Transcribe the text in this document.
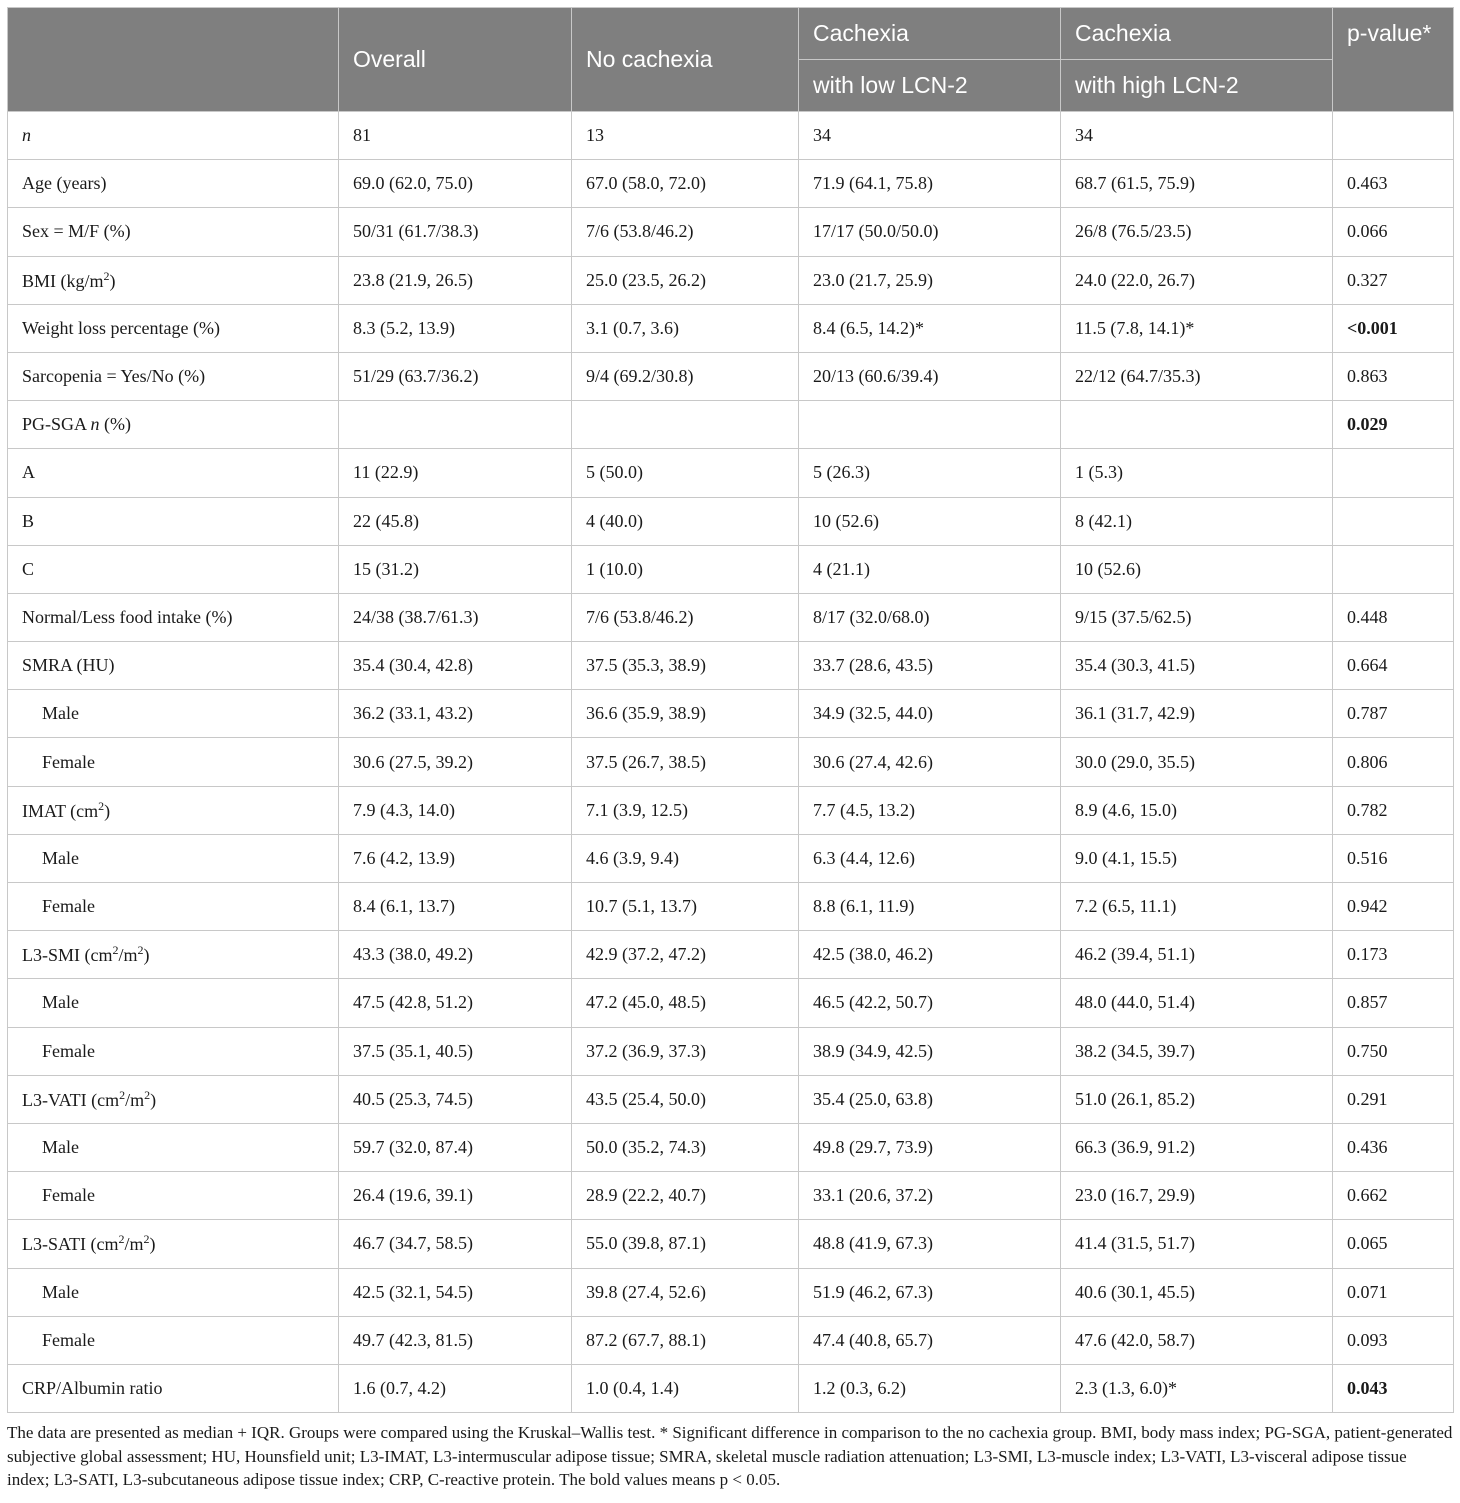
	Overall	No cachexia	Cachexia	Cachexia	p-value*
			with low LCN-2	with high LCN-2	
n	81	13	34	34	
Age (years)	69.0 (62.0, 75.0)	67.0 (58.0, 72.0)	71.9 (64.1, 75.8)	68.7 (61.5, 75.9)	0.463
Sex = M/F (%)	50/31 (61.7/38.3)	7/6 (53.8/46.2)	17/17 (50.0/50.0)	26/8 (76.5/23.5)	0.066
BMI $(kg/m^2)$	23.8 (21.9, 26.5)	25.0 (23.5, 26.2)	23.0 (21.7, 25.9)	24.0 (22.0, 26.7)	0.327
Weight loss percentage (%)	8.3 (5.2, 13.9)	3.1 (0.7, 3.6)	8.4 (6.5, 14.2)*	11.5 (7.8, 14.1)*	<0.001
Sarcopenia = Yes/No (%)	51/29 (63.7/36.2)	9/4 (69.2/30.8)	20/13 (60.6/39.4)	22/12 (64.7/35.3)	0.863
PG-SGA n (%)					0.029
A	11 (22.9)	5 (50.0)	5 (26.3)	1 (5.3)	
B	22 (45.8)	4 (40.0)	10 (52.6)	8 (42.1)	
C	15 (31.2)	1 (10.0)	4 (21.1)	10 (52.6)	
Normal/Less food intake (%)	24/38 (38.7/61.3)	7/6 (53.8/46.2)	8/17 (32.0/68.0)	9/15 (37.5/62.5)	0.448
SMRA (HU)	35.4 (30.4, 42.8)	37.5 (35.3, 38.9)	33.7 (28.6, 43.5)	35.4 (30.3, 41.5)	0.664
Male	36.2 (33.1, 43.2)	36.6 (35.9, 38.9)	34.9 (32.5, 44.0)	36.1 (31.7, 42.9)	0.787
Female	30.6 (27.5, 39.2)	37.5 (26.7, 38.5)	30.6 (27.4, 42.6)	30.0 (29.0, 35.5)	0.806
IMAT $(cm^2)$	7.9 (4.3, 14.0)	7.1 (3.9, 12.5)	7.7 (4.5, 13.2)	8.9 (4.6, 15.0)	0.782
Male	7.6 (4.2, 13.9)	4.6 (3.9, 9.4)	6.3 (4.4, 12.6)	9.0 (4.1, 15.5)	0.516
Female	8.4 (6.1, 13.7)	10.7 (5.1, 13.7)	8.8 (6.1, 11.9)	7.2 (6.5, 11.1)	0.942
L3-SMI $(cm^2/m^2)$	43.3 (38.0, 49.2)	42.9 (37.2, 47.2)	42.5 (38.0, 46.2)	46.2 (39.4, 51.1)	0.173
Male	47.5 (42.8, 51.2)	47.2 (45.0, 48.5)	46.5 (42.2, 50.7)	48.0 (44.0, 51.4)	0.857
Female	37.5 (35.1, 40.5)	37.2 (36.9, 37.3)	38.9 (34.9, 42.5)	38.2 (34.5, 39.7)	0.750
L3-VATI $(cm^2/m^2)$	40.5 (25.3, 74.5)	43.5 (25.4, 50.0)	35.4 (25.0, 63.8)	51.0 (26.1, 85.2)	0.291
Male	59.7 (32.0, 87.4)	50.0 (35.2, 74.3)	49.8 (29.7, 73.9)	66.3 (36.9, 91.2)	0.436
Female	26.4 (19.6, 39.1)	28.9 (22.2, 40.7)	33.1 (20.6, 37.2)	23.0 (16.7, 29.9)	0.662
L3-SATI $(cm^2/m^2)$	46.7 (34.7, 58.5)	55.0 (39.8, 87.1)	48.8 (41.9, 67.3)	41.4 (31.5, 51.7)	0.065
Male	42.5 (32.1, 54.5)	39.8 (27.4, 52.6)	51.9 (46.2, 67.3)	40.6 (30.1, 45.5)	0.071
Female	49.7 (42.3, 81.5)	87.2 (67.7, 88.1)	47.4 (40.8, 65.7)	47.6 (42.0, 58.7)	0.093
CRP/Albumin ratio	1.6 (0.7, 4.2)	1.0 (0.4, 1.4)	1.2 (0.3, 6.2)	2.3 (1.3, 6.0)*	0.043
The data are presented as median + IQR. Groups were compared using the Kruskal–Wallis test. * Significant difference in comparison to the no cachexia group. BMI, body mass index; PG-SGA, patient-generated subjective global assessment; HU, Hounsfield unit; L3-IMAT, L3-intermuscular adipose tissue; SMRA, skeletal muscle radiation attenuation; L3-SMI, L3-muscle index; L3-VATI, L3-visceral adipose tissue index; L3-SATI, L3-subcutaneous adipose tissue index; CRP, C-reactive protein. The bold values means p < 0.05.
